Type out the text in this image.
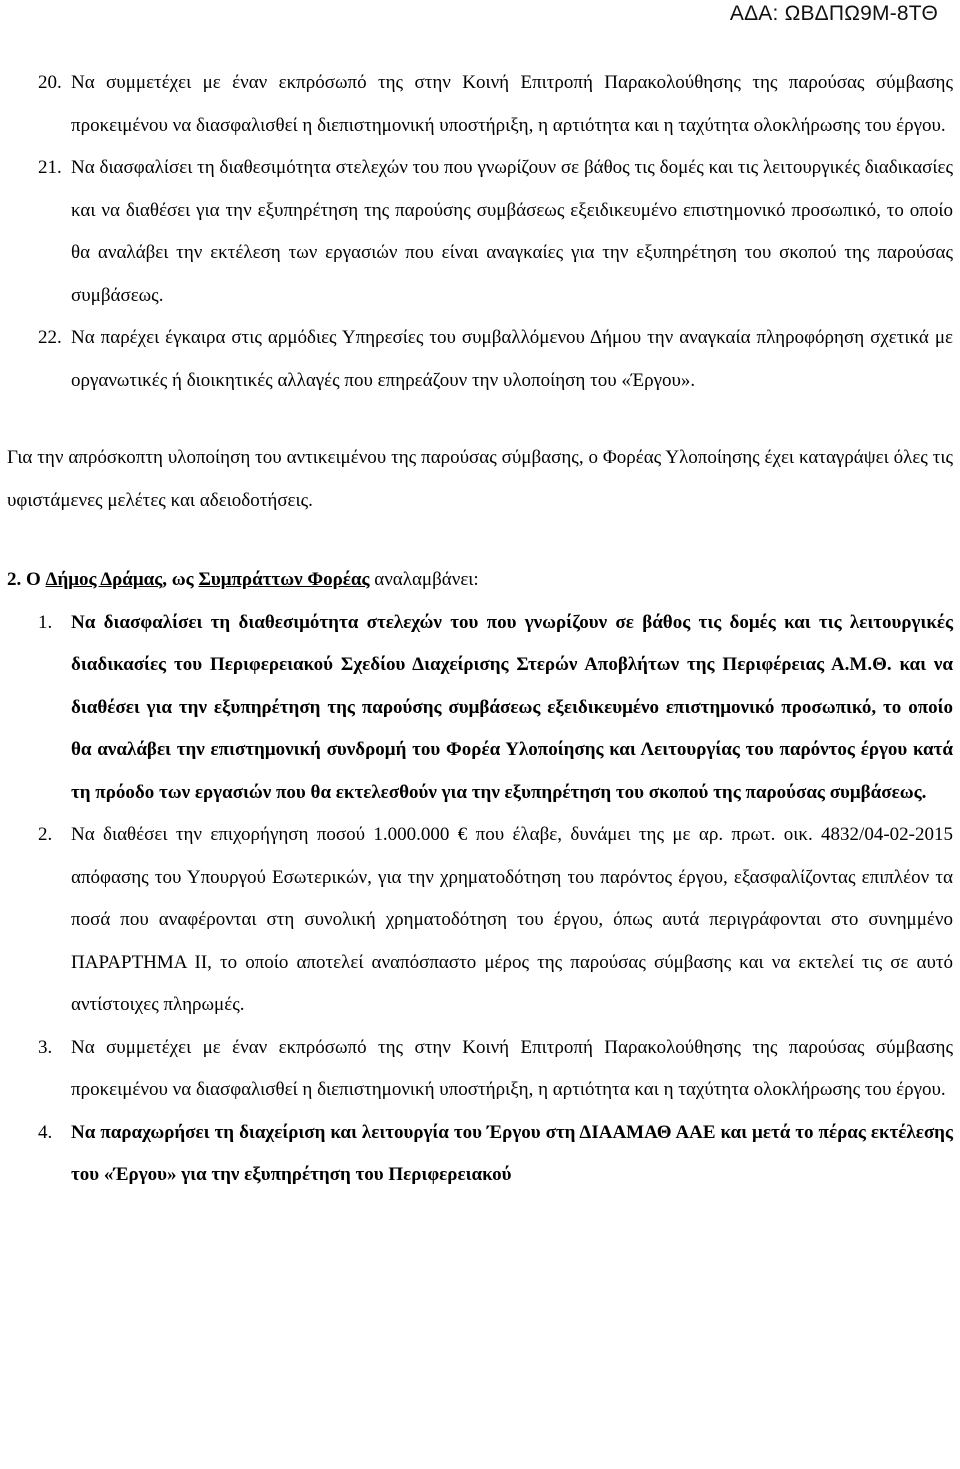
ΑΔΑ: ΩΒΔΠΩ9Μ-8ΤΘ
20. Να συμμετέχει με έναν εκπρόσωπό της στην Κοινή Επιτροπή Παρακολούθησης της παρούσας σύμβασης προκειμένου να διασφαλισθεί η διεπιστημονική υποστήριξη, η αρτιότητα και η ταχύτητα ολοκλήρωσης του έργου.
21. Να διασφαλίσει τη διαθεσιμότητα στελεχών του που γνωρίζουν σε βάθος τις δομές και τις λειτουργικές διαδικασίες και να διαθέσει για την εξυπηρέτηση της παρούσης συμβάσεως εξειδικευμένο επιστημονικό προσωπικό, το οποίο θα αναλάβει την εκτέλεση των εργασιών που είναι αναγκαίες για την εξυπηρέτηση του σκοπού της παρούσας συμβάσεως.
22. Να παρέχει έγκαιρα στις αρμόδιες Υπηρεσίες του συμβαλλόμενου Δήμου την αναγκαία πληροφόρηση σχετικά με οργανωτικές ή διοικητικές αλλαγές που επηρεάζουν την υλοποίηση του «Έργου».
Για την απρόσκοπτη υλοποίηση του αντικειμένου της παρούσας σύμβασης, ο Φορέας Υλοποίησης έχει καταγράψει όλες τις υφιστάμενες μελέτες και αδειοδοτήσεις.
2. Ο Δήμος Δράμας, ως Συμπράττων Φορέας αναλαμβάνει:
1. Να διασφαλίσει τη διαθεσιμότητα στελεχών του που γνωρίζουν σε βάθος τις δομές και τις λειτουργικές διαδικασίες του Περιφερειακού Σχεδίου Διαχείρισης Στερών Αποβλήτων της Περιφέρειας Α.Μ.Θ. και να διαθέσει για την εξυπηρέτηση της παρούσης συμβάσεως εξειδικευμένο επιστημονικό προσωπικό, το οποίο θα αναλάβει την επιστημονική συνδρομή του Φορέα Υλοποίησης και Λειτουργίας του παρόντος έργου κατά τη πρόοδο των εργασιών που θα εκτελεσθούν για την εξυπηρέτηση του σκοπού της παρούσας συμβάσεως.
2. Να διαθέσει την επιχορήγηση ποσού 1.000.000 € που έλαβε, δυνάμει της με αρ. πρωτ. οικ. 4832/04-02-2015 απόφασης του Υπουργού Εσωτερικών, για την χρηματοδότηση του παρόντος έργου, εξασφαλίζοντας επιπλέον τα ποσά που αναφέρονται στη συνολική χρηματοδότηση του έργου, όπως αυτά περιγράφονται στο συνημμένο ΠΑΡΑΡΤΗΜΑ ΙΙ, το οποίο αποτελεί αναπόσπαστο μέρος της παρούσας σύμβασης και να εκτελεί τις σε αυτό αντίστοιχες πληρωμές.
3. Να συμμετέχει με έναν εκπρόσωπό της στην Κοινή Επιτροπή Παρακολούθησης της παρούσας σύμβασης προκειμένου να διασφαλισθεί η διεπιστημονική υποστήριξη, η αρτιότητα και η ταχύτητα ολοκλήρωσης του έργου.
4. Να παραχωρήσει τη διαχείριση και λειτουργία του Έργου στη ΔΙΑΑΜΑΘ ΑΑΕ και μετά το πέρας εκτέλεσης του «Έργου» για την εξυπηρέτηση του Περιφερειακού
